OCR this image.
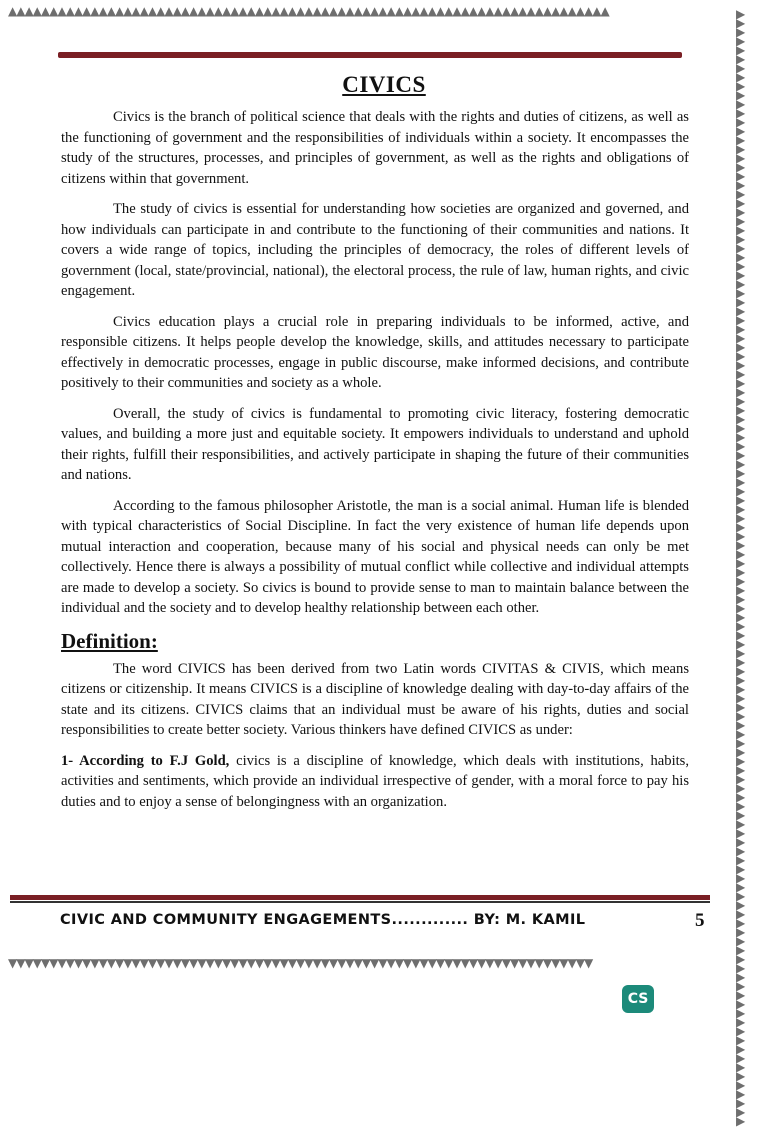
▲▲▲▲▲▲▲▲▲▲▲▲▲▲▲▲▲▲▲▲▲▲▲▲▲▲▲▲▲▲▲▲▲▲▲▲▲▲▲▲▲▲▲▲▲▲▲▲▲▲▲▲▲▲▲▲▲▲▲▲▲▲▲▲▲▲▲▲▲▲▲▲▲	▶▶▶▶▶▶▶▶▶▶▶▶▶▶▶▶▶▶▶▶▶▶▶▶▶▶▶▶▶▶▶▶▶▶▶▶▶▶▶▶▶▶▶▶▶▶▶▶▶▶▶▶▶▶▶▶▶▶▶▶▶▶▶▶▶▶▶▶▶▶▶▶▶▶▶▶▶▶▶▶▶▶▶▶▶▶▶▶▶▶▶▶▶▶▶▶▶▶▶▶▶▶▶▶▶▶▶▶▶▶▶▶▶▶▶▶▶▶▶▶▶▶▶▶
▼▼▼▼▼▼▼▼▼▼▼▼▼▼▼▼▼▼▼▼▼▼▼▼▼▼▼▼▼▼▼▼▼▼▼▼▼▼▼▼▼▼▼▼▼▼▼▼▼▼▼▼▼▼▼▼▼▼▼▼▼▼▼▼▼▼▼▼▼▼▼
CIVICS

Civics is the branch of political science that deals with the rights and duties of citizens, as well as the functioning of government and the responsibilities of individuals within a society. It encompasses the study of the structures, processes, and principles of government, as well as the rights and obligations of citizens within that government.

The study of civics is essential for understanding how societies are organized and governed, and how individuals can participate in and contribute to the functioning of their communities and nations. It covers a wide range of topics, including the principles of democracy, the roles of different levels of government (local, state/provincial, national), the electoral process, the rule of law, human rights, and civic engagement.

Civics education plays a crucial role in preparing individuals to be informed, active, and responsible citizens. It helps people develop the knowledge, skills, and attitudes necessary to participate effectively in democratic processes, engage in public discourse, make informed decisions, and contribute positively to their communities and society as a whole.

Overall, the study of civics is fundamental to promoting civic literacy, fostering democratic values, and building a more just and equitable society. It empowers individuals to understand and uphold their rights, fulfill their responsibilities, and actively participate in shaping the future of their communities and nations.

According to the famous philosopher Aristotle, the man is a social animal. Human life is blended with typical characteristics of Social Discipline. In fact the very existence of human life depends upon mutual interaction and cooperation, because many of his social and physical needs can only be met collectively. Hence there is always a possibility of mutual conflict while collective and individual attempts are made to develop a society. So civics is bound to provide sense to man to maintain balance between the individual and the society and to develop healthy relationship between each other.

Definition:

The word CIVICS has been derived from two Latin words CIVITAS & CIVIS, which means citizens or citizenship. It means CIVICS is a discipline of knowledge dealing with day-to-day affairs of the state and its citizens. CIVICS claims that an individual must be aware of his rights, duties and social responsibilities to create better society. Various thinkers have defined CIVICS as under:

1- According to F.J Gold, civics is a discipline of knowledge, which deals with institutions, habits, activities and sentiments, which provide an individual irrespective of gender, with a moral force to pay his duties and to enjoy a sense of belongingness with an organization.

CIVIC AND COMMUNITY ENGAGEMENTS............. BY: M. KAMIL	5
CS
